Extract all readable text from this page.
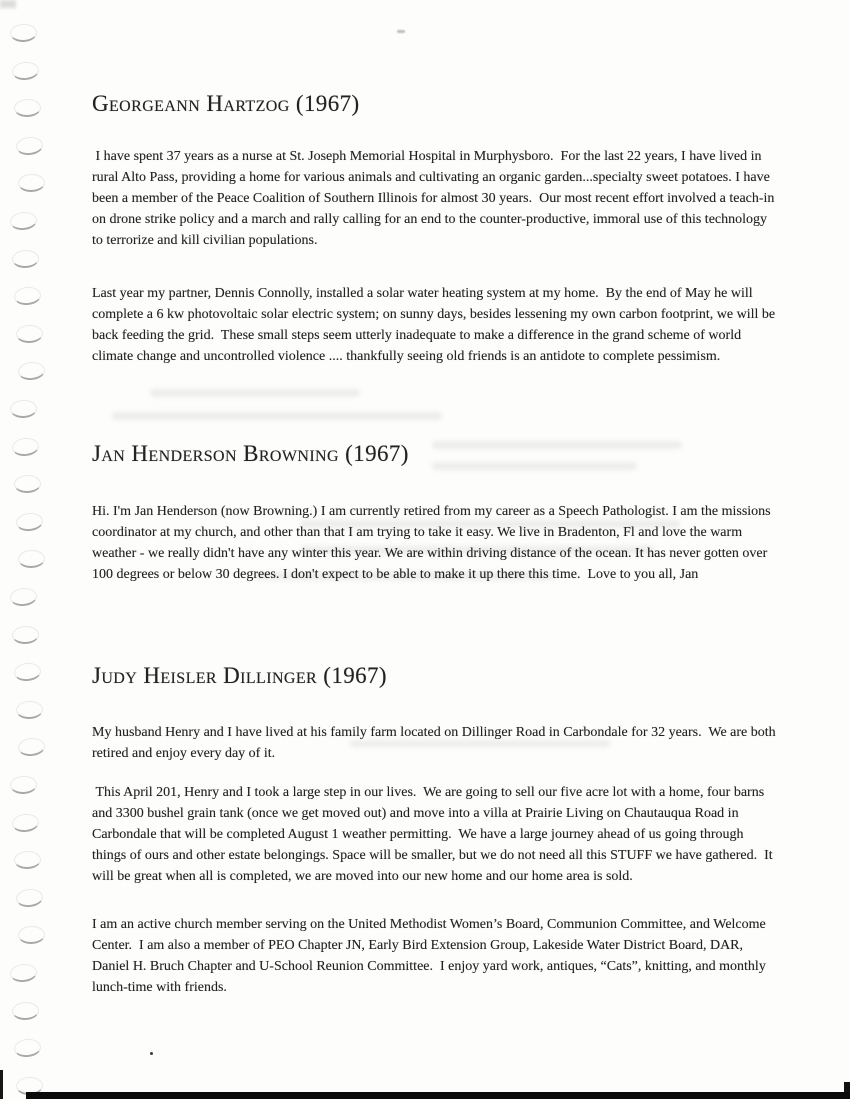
Georgeann Hartzog (1967)

I have spent 37 years as a nurse at St. Joseph Memorial Hospital in Murphysboro.  For the last 22 years, I have lived in rural Alto Pass, providing a home for various animals and cultivating an organic garden...specialty sweet potatoes. I have been a member of the Peace Coalition of Southern Illinois for almost 30 years.  Our most recent effort involved a teach-in on drone strike policy and a march and rally calling for an end to the counter-productive, immoral use of this technology to terrorize and kill civilian populations.

Last year my partner, Dennis Connolly, installed a solar water heating system at my home.  By the end of May he will complete a 6 kw photovoltaic solar electric system; on sunny days, besides lessening my own carbon footprint, we will be back feeding the grid.  These small steps seem utterly inadequate to make a difference in the grand scheme of world climate change and uncontrolled violence .... thankfully seeing old friends is an antidote to complete pessimism.

Jan Henderson Browning (1967)

Hi. I'm Jan Henderson (now Browning.) I am currently retired from my career as a Speech Pathologist. I am the missions coordinator at my church, and other than that I am trying to take it easy. We live in Bradenton, Fl and love the warm weather - we really didn't have any winter this year. We are within driving distance of the ocean. It has never gotten over 100 degrees or below 30 degrees. I don't expect to be able to make it up there this time.  Love to you all, Jan

Judy Heisler Dillinger (1967)

My husband Henry and I have lived at his family farm located on Dillinger Road in Carbondale for 32 years.  We are both retired and enjoy every day of it.

This April 201, Henry and I took a large step in our lives.  We are going to sell our five acre lot with a home, four barns and 3300 bushel grain tank (once we get moved out) and move into a villa at Prairie Living on Chautauqua Road in Carbondale that will be completed August 1 weather permitting.  We have a large journey ahead of us going through things of ours and other estate belongings. Space will be smaller, but we do not need all this STUFF we have gathered.  It will be great when all is completed, we are moved into our new home and our home area is sold.

I am an active church member serving on the United Methodist Women’s Board, Communion Committee, and Welcome Center.  I am also a member of PEO Chapter JN, Early Bird Extension Group, Lakeside Water District Board, DAR, Daniel H. Bruch Chapter and U-School Reunion Committee.  I enjoy yard work, antiques, “Cats”, knitting, and monthly lunch-time with friends.
